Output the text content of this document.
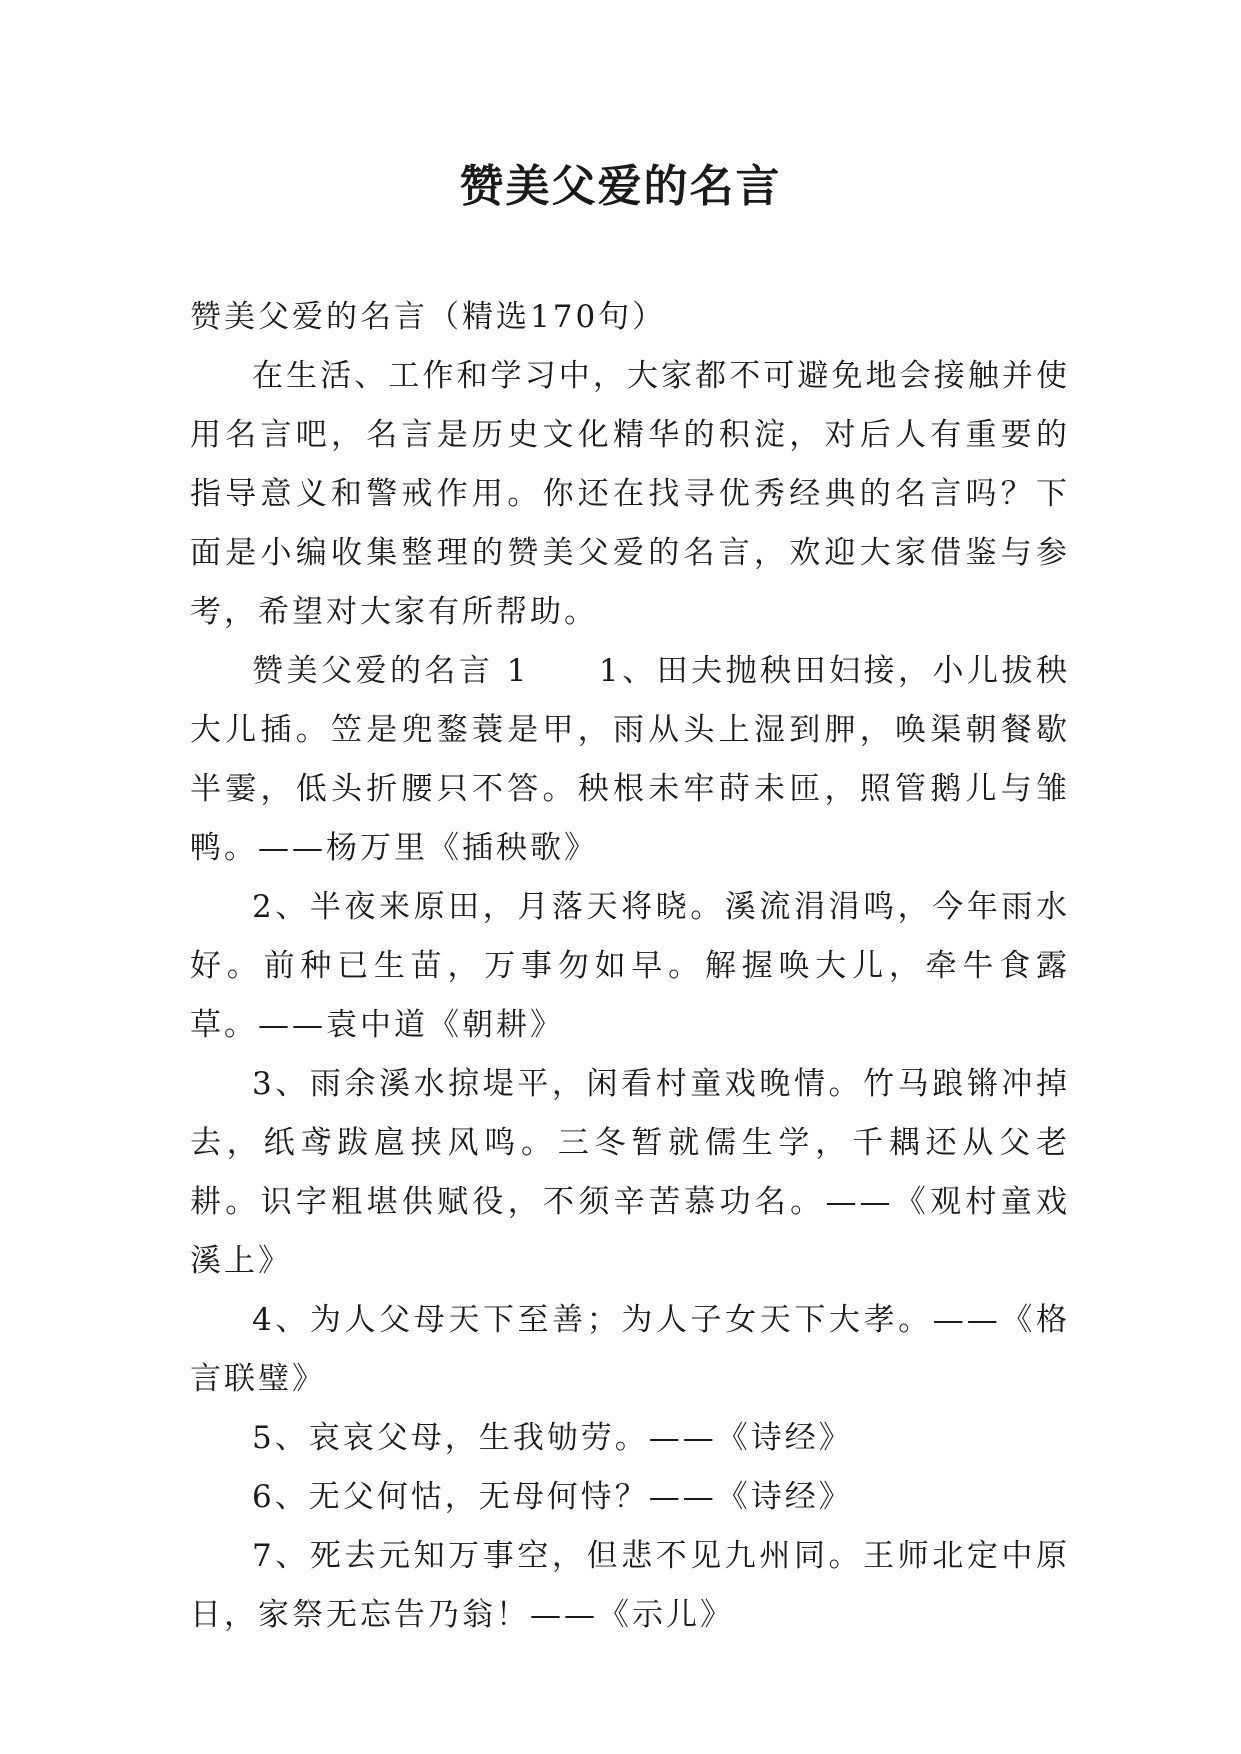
赞美父爱的名言

赞美父爱的名言（精选170句）

在生活、工作和学习中，大家都不可避免地会接触并使用名言吧，名言是历史文化精华的积淀，对后人有重要的指导意义和警戒作用。你还在找寻优秀经典的名言吗？下面是小编收集整理的赞美父爱的名言，欢迎大家借鉴与参考，希望对大家有所帮助。

赞美父爱的名言 1　　1、田夫抛秧田妇接，小儿拔秧大儿插。笠是兜鍪蓑是甲，雨从头上湿到胛，唤渠朝餐歇半霎，低头折腰只不答。秧根未牢莳未匝，照管鹅儿与雏鸭。——杨万里《插秧歌》

2、半夜来原田，月落天将晓。溪流涓涓鸣，今年雨水好。前种已生苗，万事勿如早。解握唤大儿，牵牛食露草。——袁中道《朝耕》

3、雨余溪水掠堤平，闲看村童戏晚情。竹马踉锵冲掉去，纸鸢跋扈挟风鸣。三冬暂就儒生学，千耦还从父老耕。识字粗堪供赋役，不须辛苦慕功名。——《观村童戏溪上》

4、为人父母天下至善；为人子女天下大孝。——《格言联璧》

5、哀哀父母，生我劬劳。——《诗经》

6、无父何怙，无母何恃？——《诗经》

7、死去元知万事空，但悲不见九州同。王师北定中原日，家祭无忘告乃翁！——《示儿》
